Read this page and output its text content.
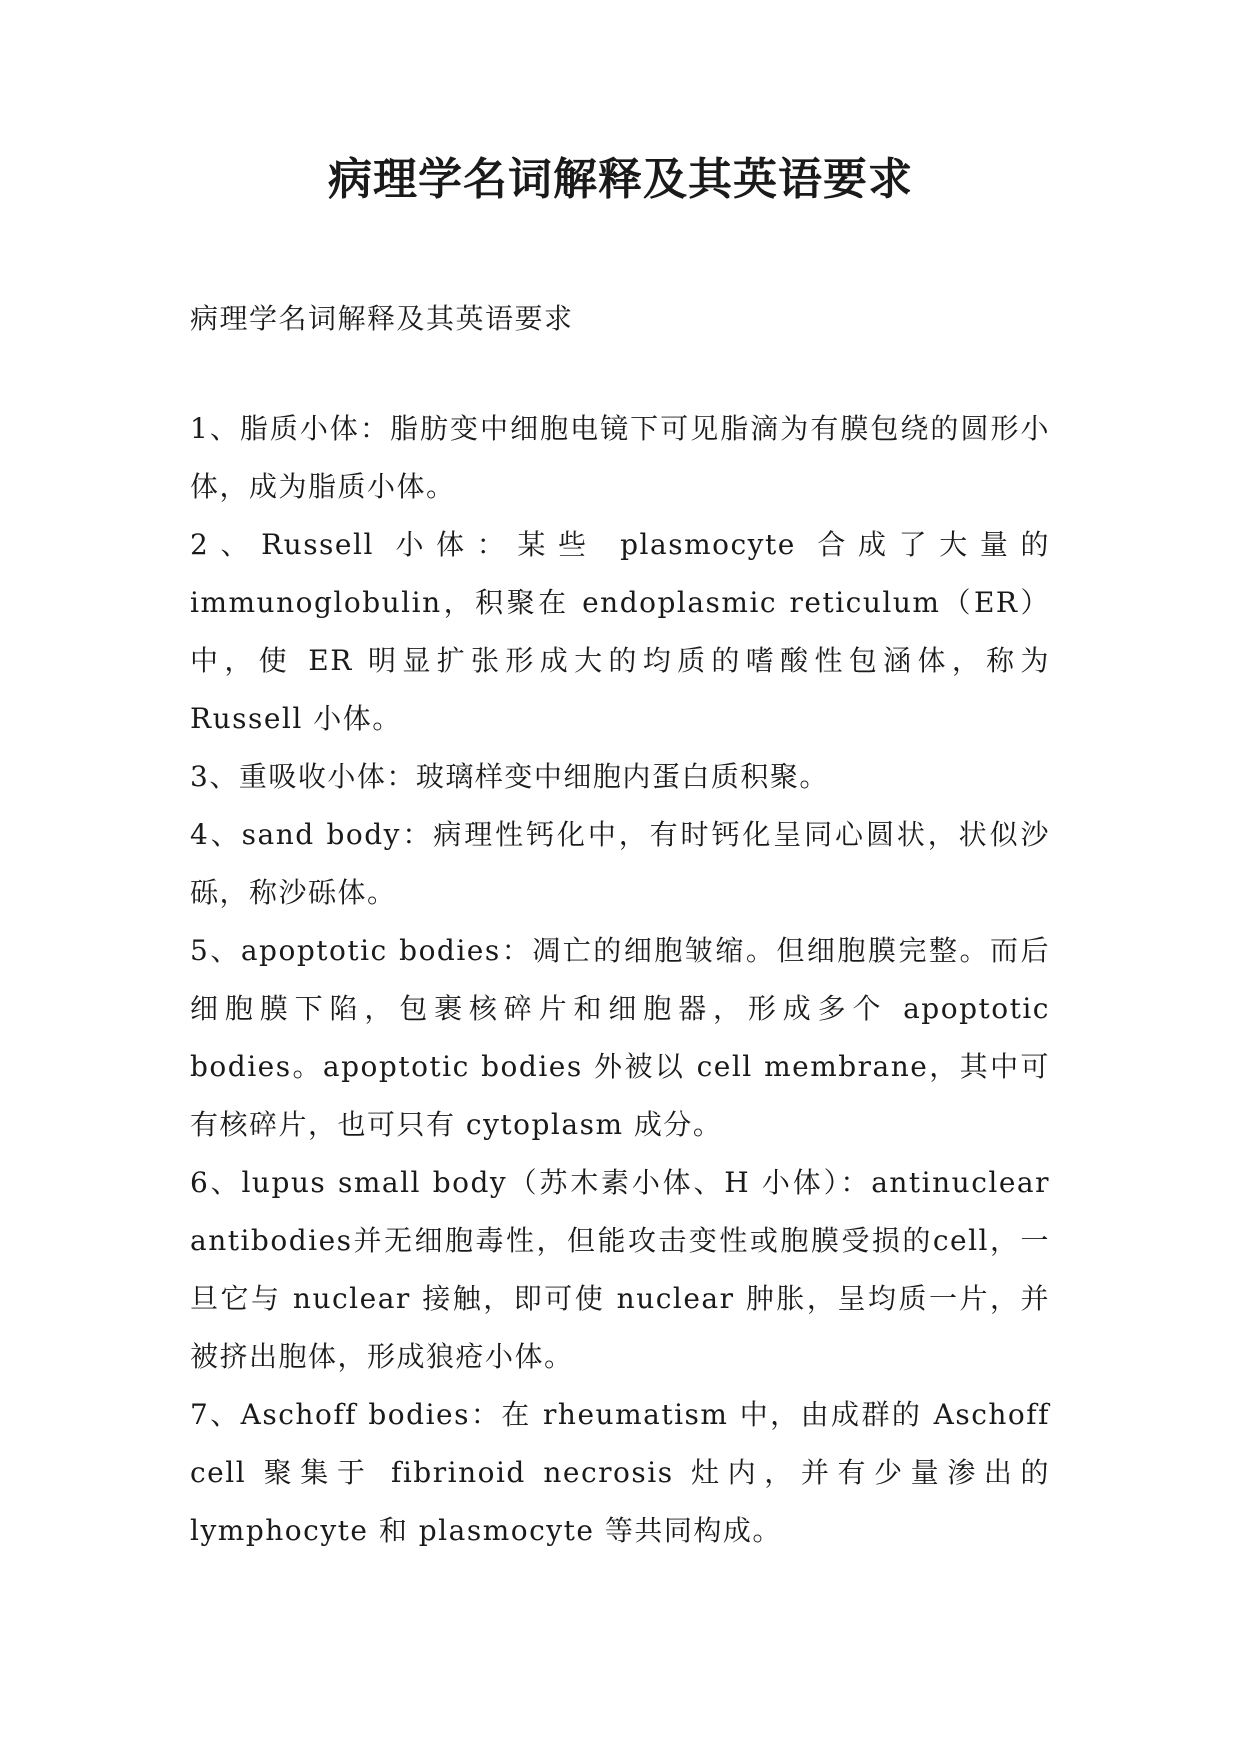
病理学名词解释及其英语要求

病理学名词解释及其英语要求

1、脂质小体：脂肪变中细胞电镜下可见脂滴为有膜包绕的圆形小体，成为脂质小体。

2、Russell 小体：某些 plasmocyte 合成了大量的 immunoglobulin，积聚在 endoplasmic reticulum（ER）中，使 ER 明显扩张形成大的均质的嗜酸性包涵体，称为 Russell 小体。

3、重吸收小体：玻璃样变中细胞内蛋白质积聚。

4、sand body：病理性钙化中，有时钙化呈同心圆状，状似沙砾，称沙砾体。

5、apoptotic bodies：凋亡的细胞皱缩。但细胞膜完整。而后细胞膜下陷，包裹核碎片和细胞器，形成多个 apoptotic bodies。apoptotic bodies 外被以 cell membrane，其中可有核碎片，也可只有 cytoplasm 成分。

6、lupus small body（苏木素小体、H 小体）：antinuclear antibodies并无细胞毒性，但能攻击变性或胞膜受损的cell，一旦它与 nuclear 接触，即可使 nuclear 肿胀，呈均质一片，并被挤出胞体，形成狼疮小体。

7、Aschoff bodies：在 rheumatism 中，由成群的 Aschoff cell 聚集于 fibrinoid necrosis 灶内，并有少量渗出的 lymphocyte 和 plasmocyte 等共同构成。
